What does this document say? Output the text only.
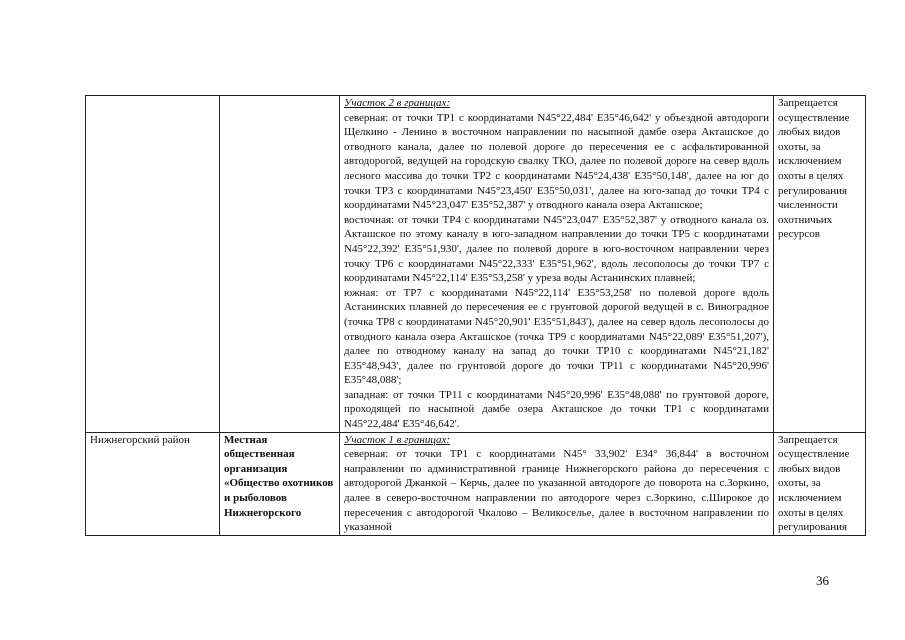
		Участок 2 в границах:
северная: от точки ТР1 с координатами N45°22,484' E35°46,642' у объездной автодороги Щелкино - Ленино в восточном направлении по насыпной дамбе озера Акташское до отводного канала, далее по полевой дороге до пересечения ее с асфальтированной автодорогой, ведущей на городскую свалку ТКО, далее по полевой дороге на север вдоль лесного массива до точки ТР2 с координатами N45°24,438' E35°50,148', далее на юг до точки ТР3 с координатами N45°23,450' E35°50,031', далее на юго-запад до точки ТР4 с координатами N45°23,047' E35°52,387' у отводного канала озера Акташское;
восточная: от точки ТР4 с координатами N45°23,047' E35°52,387' у отводного канала оз. Акташское по этому каналу в юго-западном направлении до точки ТР5 с координатами N45°22,392' E35°51,930', далее по полевой дороге в юго-восточном направлении через точку ТР6 с координатами N45°22,333' E35°51,962', вдоль лесополосы до точки ТР7 с координатами N45°22,114' E35°53,258' у уреза воды Астанинских плавней;
южная: от ТР7 с координатами N45°22,114' E35°53,258' по полевой дороге вдоль Астанинских плавней до пересечения ее с грунтовой дорогой ведущей в с. Виноградное (точка ТР8 с координатами N45°20,901' E35°51,843'), далее на север вдоль лесополосы до отводного канала озера Акташское (точка ТР9 с координатами N45°22,089' E35°51,207'), далее по отводному каналу на запад до точки ТР10 с координатами N45°21,182' E35°48,943', далее по грунтовой дороге до точки ТР11 с координатами N45°20,996' E35°48,088';
западная: от точки ТР11 с координатами N45°20,996' E35°48,088' по грунтовой дороге, проходящей по насыпной дамбе озера Акташское до точки ТР1 с координатами N45°22,484' E35°46,642'.	Запрещается осуществление любых видов охоты, за исключением охоты в целях регулирования численности охотничьих ресурсов
Нижнегорский район	Местная общественная организация «Общество охотников и рыболовов Нижнегорского	Участок 1 в границах:
северная: от точки ТР1 с координатами N45° 33,902' E34° 36,844' в восточном направлении по административной границе Нижнегорского района до пересечения с автодорогой Джанкой – Керчь, далее по указанной автодороге до поворота на с.Зоркино, далее в северо-восточном направлении по автодороге через с.Зоркино, с.Широкое до пересечения с автодорогой Чкалово – Великоселье, далее в восточном направлении по указанной	Запрещается осуществление любых видов охоты, за исключением охоты в целях регулирования
36
